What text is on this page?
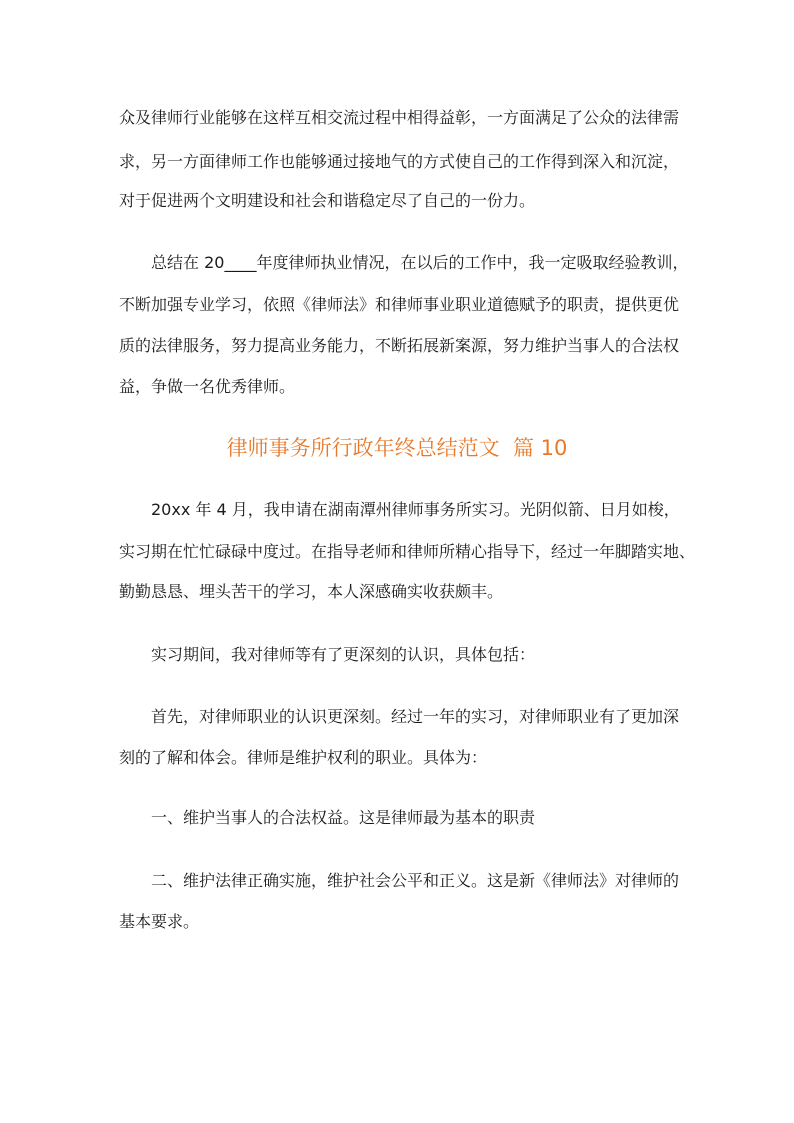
众及律师行业能够在这样互相交流过程中相得益彰，一方面满足了公众的法律需
求，另一方面律师工作也能够通过接地气的方式使自己的工作得到深入和沉淀，
对于促进两个文明建设和社会和谐稳定尽了自己的一份力。
总结在 20____年度律师执业情况，在以后的工作中，我一定吸取经验教训，
不断加强专业学习，依照《律师法》和律师事业职业道德赋予的职责，提供更优
质的法律服务，努力提高业务能力，不断拓展新案源，努力维护当事人的合法权
益，争做一名优秀律师。
律师事务所行政年终总结范文  篇 10
20xx 年 4 月，我申请在湖南潭州律师事务所实习。光阴似箭、日月如梭，
实习期在忙忙碌碌中度过。在指导老师和律师所精心指导下，经过一年脚踏实地、
勤勤恳恳、埋头苦干的学习，本人深感确实收获颇丰。
实习期间，我对律师等有了更深刻的认识，具体包括：
首先，对律师职业的认识更深刻。经过一年的实习，对律师职业有了更加深
刻的了解和体会。律师是维护权利的职业。具体为：
一、维护当事人的合法权益。这是律师最为基本的职责
二、维护法律正确实施，维护社会公平和正义。这是新《律师法》对律师的
基本要求。
